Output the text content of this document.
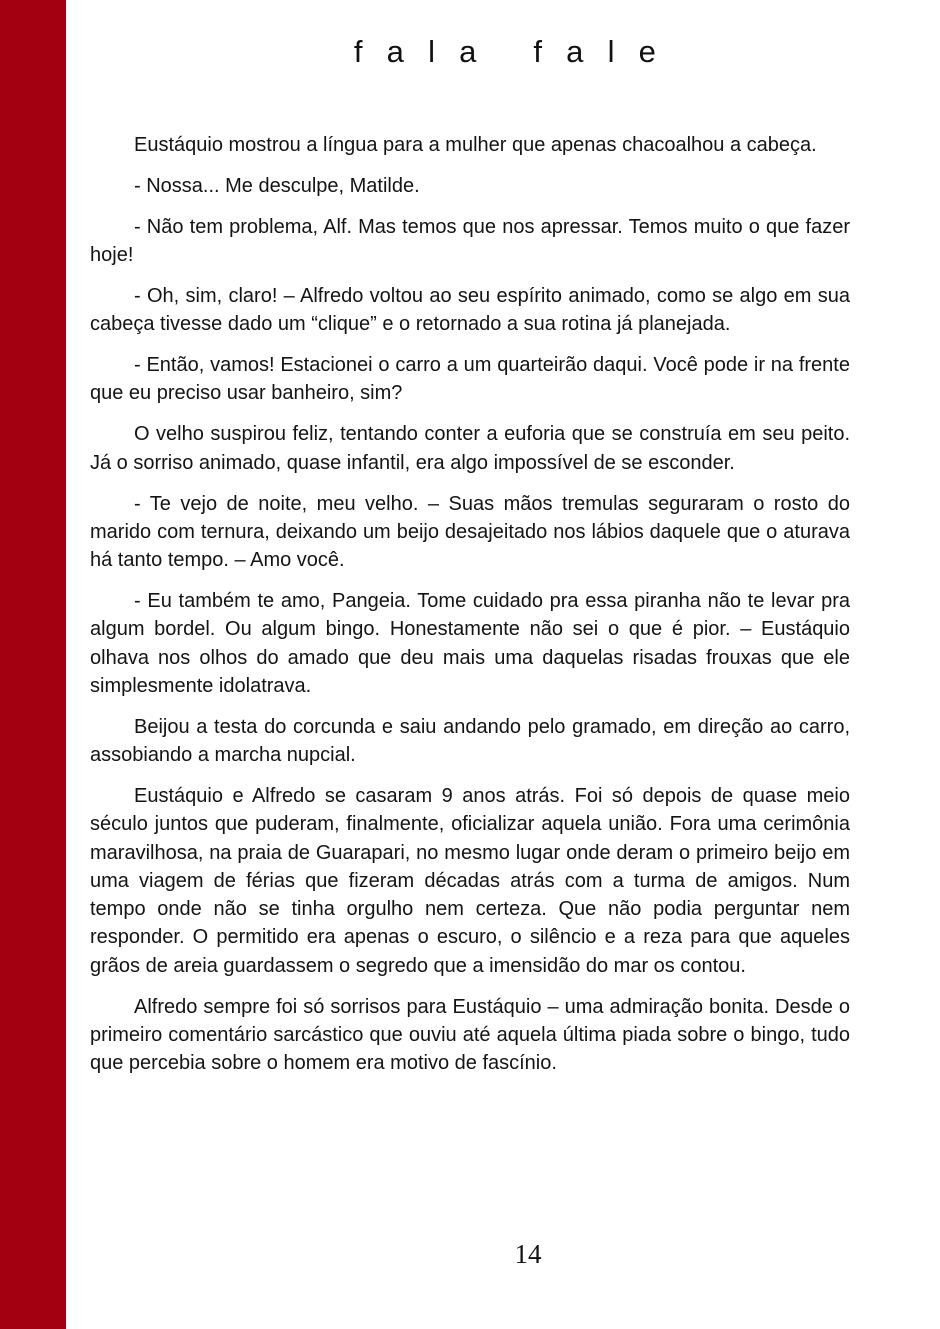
fala fale

Eustáquio mostrou a língua para a mulher que apenas chacoalhou a cabeça.

- Nossa... Me desculpe, Matilde.

- Não tem problema, Alf. Mas temos que nos apressar. Temos muito o que fazer hoje!

- Oh, sim, claro! – Alfredo voltou ao seu espírito animado, como se algo em sua cabeça tivesse dado um “clique” e o retornado a sua rotina já planejada.

- Então, vamos! Estacionei o carro a um quarteirão daqui. Você pode ir na frente que eu preciso usar banheiro, sim?

O velho suspirou feliz, tentando conter a euforia que se construía em seu peito. Já o sorriso animado, quase infantil, era algo impossível de se esconder.

- Te vejo de noite, meu velho. – Suas mãos tremulas seguraram o rosto do marido com ternura, deixando um beijo desajeitado nos lábios daquele que o aturava há tanto tempo. – Amo você.

- Eu também te amo, Pangeia. Tome cuidado pra essa piranha não te levar pra algum bordel. Ou algum bingo. Honestamente não sei o que é pior. – Eustáquio olhava nos olhos do amado que deu mais uma daquelas risadas frouxas que ele simplesmente idolatrava.

Beijou a testa do corcunda e saiu andando pelo gramado, em direção ao carro, assobiando a marcha nupcial.

Eustáquio e Alfredo se casaram 9 anos atrás. Foi só depois de quase meio século juntos que puderam, finalmente, oficializar aquela união. Fora uma cerimônia maravilhosa, na praia de Guarapari, no mesmo lugar onde deram o primeiro beijo em uma viagem de férias que fizeram décadas atrás com a turma de amigos. Num tempo onde não se tinha orgulho nem certeza. Que não podia perguntar nem responder. O permitido era apenas o escuro, o silêncio e a reza para que aqueles grãos de areia guardassem o segredo que a imensidão do mar os contou.

Alfredo sempre foi só sorrisos para Eustáquio – uma admiração bonita. Desde o primeiro comentário sarcástico que ouviu até aquela última piada sobre o bingo, tudo que percebia sobre o homem era motivo de fascínio.

14
